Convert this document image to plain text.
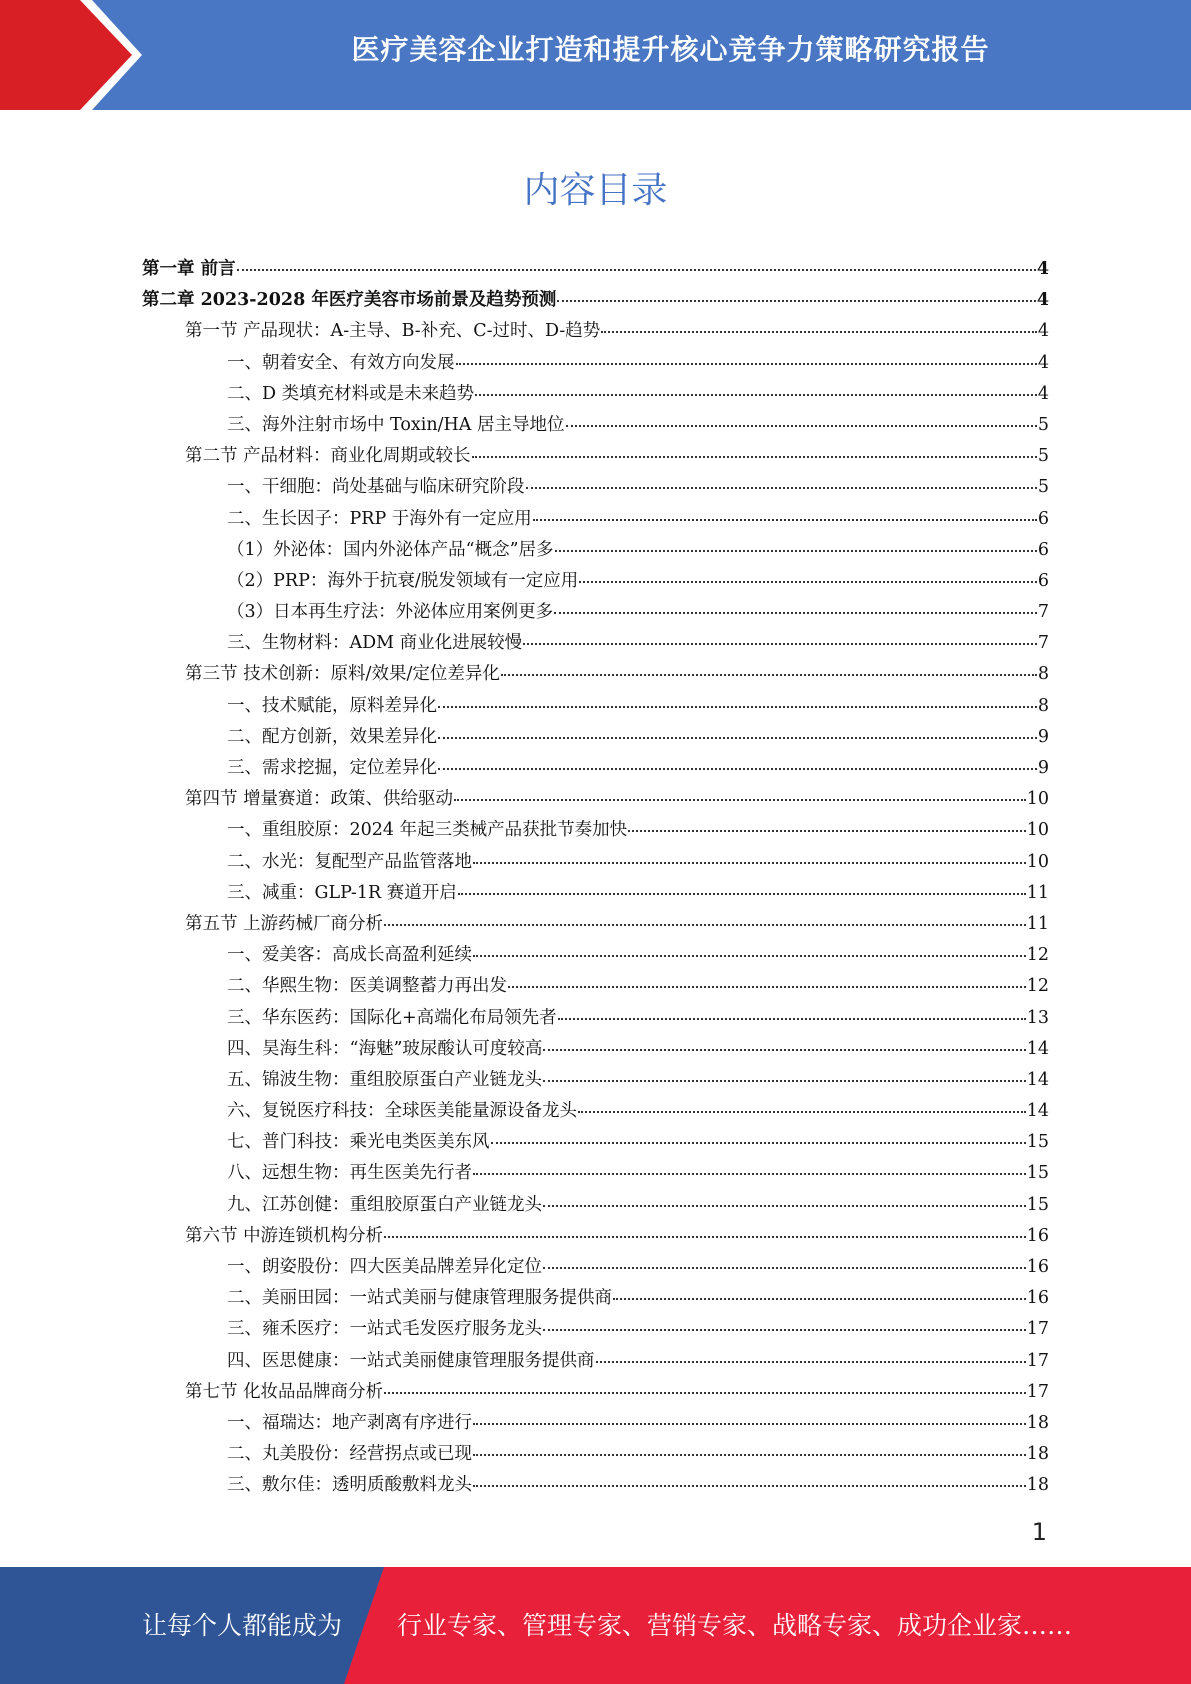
医疗美容企业打造和提升核心竞争力策略研究报告
内容目录
第一章 前言	4
第二章 2023-2028 年医疗美容市场前景及趋势预测	4
第一节 产品现状：A-主导、B-补充、C-过时、D-趋势	4
一、朝着安全、有效方向发展	4
二、D 类填充材料或是未来趋势	4
三、海外注射市场中 Toxin/HA 居主导地位	5
第二节 产品材料：商业化周期或较长	5
一、干细胞：尚处基础与临床研究阶段	5
二、生长因子：PRP 于海外有一定应用	6
（1）外泌体：国内外泌体产品“概念”居多	6
（2）PRP：海外于抗衰/脱发领域有一定应用	6
（3）日本再生疗法：外泌体应用案例更多	7
三、生物材料：ADM 商业化进展较慢	7
第三节 技术创新：原料/效果/定位差异化	8
一、技术赋能，原料差异化	8
二、配方创新，效果差异化	9
三、需求挖掘，定位差异化	9
第四节 增量赛道：政策、供给驱动	10
一、重组胶原：2024 年起三类械产品获批节奏加快	10
二、水光：复配型产品监管落地	10
三、减重：GLP-1R 赛道开启	11
第五节 上游药械厂商分析	11
一、爱美客：高成长高盈利延续	12
二、华熙生物：医美调整蓄力再出发	12
三、华东医药：国际化+高端化布局领先者	13
四、昊海生科：“海魅”玻尿酸认可度较高	14
五、锦波生物：重组胶原蛋白产业链龙头	14
六、复锐医疗科技：全球医美能量源设备龙头	14
七、普门科技：乘光电类医美东风	15
八、远想生物：再生医美先行者	15
九、江苏创健：重组胶原蛋白产业链龙头	15
第六节 中游连锁机构分析	16
一、朗姿股份：四大医美品牌差异化定位	16
二、美丽田园：一站式美丽与健康管理服务提供商	16
三、雍禾医疗：一站式毛发医疗服务龙头	17
四、医思健康：一站式美丽健康管理服务提供商	17
第七节 化妆品品牌商分析	17
一、福瑞达：地产剥离有序进行	18
二、丸美股份：经营拐点或已现	18
三、敷尔佳：透明质酸敷料龙头	18
1
让每个人都能成为 行业专家、管理专家、营销专家、战略专家、成功企业家……
